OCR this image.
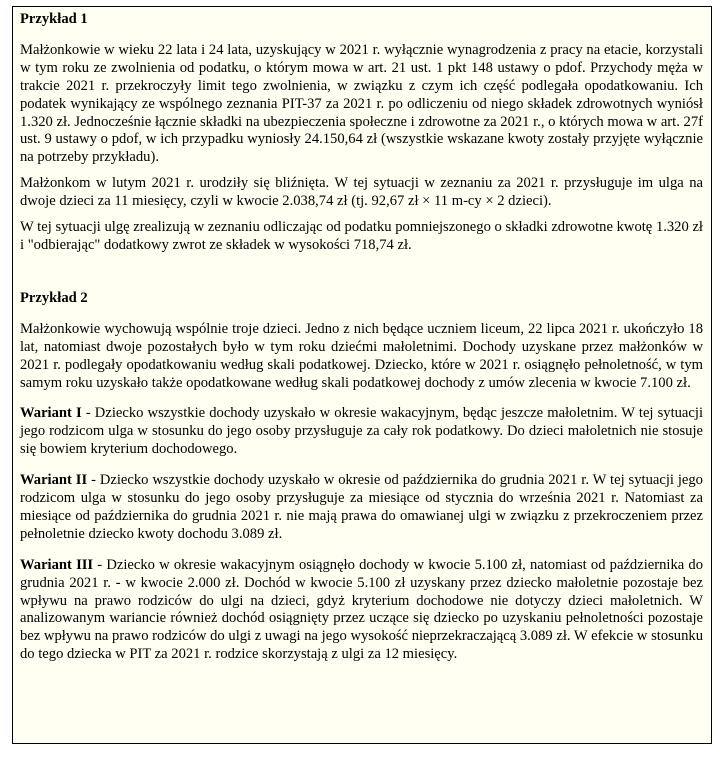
Przykład 1

Małżonkowie w wieku 22 lata i 24 lata, uzyskujący w 2021 r. wyłącznie wynagrodzenia z pracy na etacie, korzystali w tym roku ze zwolnienia od podatku, o którym mowa w art. 21 ust. 1 pkt 148 ustawy o pdof. Przychody męża w trakcie 2021 r. przekroczyły limit tego zwolnienia, w związku z czym ich część podlegała opodatkowaniu. Ich podatek wynikający ze wspólnego zeznania PIT-37 za 2021 r. po odliczeniu od niego składek zdrowotnych wyniósł 1.320 zł. Jednocześnie łącznie składki na ubezpieczenia społeczne i zdrowotne za 2021 r., o których mowa w art. 27f ust. 9 ustawy o pdof, w ich przypadku wyniosły 24.150,64 zł (wszystkie wskazane kwoty zostały przyjęte wyłącznie na potrzeby przykładu).

Małżonkom w lutym 2021 r. urodziły się bliźnięta. W tej sytuacji w zeznaniu za 2021 r. przysługuje im ulga na dwoje dzieci za 11 miesięcy, czyli w kwocie 2.038,74 zł (tj. 92,67 zł × 11 m-cy × 2 dzieci).

W tej sytuacji ulgę zrealizują w zeznaniu odliczając od podatku pomniejszonego o składki zdrowotne kwotę 1.320 zł i "odbierając" dodatkowy zwrot ze składek w wysokości 718,74 zł.

Przykład 2

Małżonkowie wychowują wspólnie troje dzieci. Jedno z nich będące uczniem liceum, 22 lipca 2021 r. ukończyło 18 lat, natomiast dwoje pozostałych było w tym roku dziećmi małoletnimi. Dochody uzyskane przez małżonków w 2021 r. podlegały opodatkowaniu według skali podatkowej. Dziecko, które w 2021 r. osiągnęło pełnoletność, w tym samym roku uzyskało także opodatkowane według skali podatkowej dochody z umów zlecenia w kwocie 7.100 zł.

Wariant I - Dziecko wszystkie dochody uzyskało w okresie wakacyjnym, będąc jeszcze małoletnim. W tej sytuacji jego rodzicom ulga w stosunku do jego osoby przysługuje za cały rok podatkowy. Do dzieci małoletnich nie stosuje się bowiem kryterium dochodowego.

Wariant II - Dziecko wszystkie dochody uzyskało w okresie od października do grudnia 2021 r. W tej sytuacji jego rodzicom ulga w stosunku do jego osoby przysługuje za miesiące od stycznia do września 2021 r. Natomiast za miesiące od października do grudnia 2021 r. nie mają prawa do omawianej ulgi w związku z przekroczeniem przez pełnoletnie dziecko kwoty dochodu 3.089 zł.

Wariant III - Dziecko w okresie wakacyjnym osiągnęło dochody w kwocie 5.100 zł, natomiast od października do grudnia 2021 r. - w kwocie 2.000 zł. Dochód w kwocie 5.100 zł uzyskany przez dziecko małoletnie pozostaje bez wpływu na prawo rodziców do ulgi na dzieci, gdyż kryterium dochodowe nie dotyczy dzieci małoletnich. W analizowanym wariancie również dochód osiągnięty przez uczące się dziecko po uzyskaniu pełnoletności pozostaje bez wpływu na prawo rodziców do ulgi z uwagi na jego wysokość nieprzekraczającą 3.089 zł. W efekcie w stosunku do tego dziecka w PIT za 2021 r. rodzice skorzystają z ulgi za 12 miesięcy.
